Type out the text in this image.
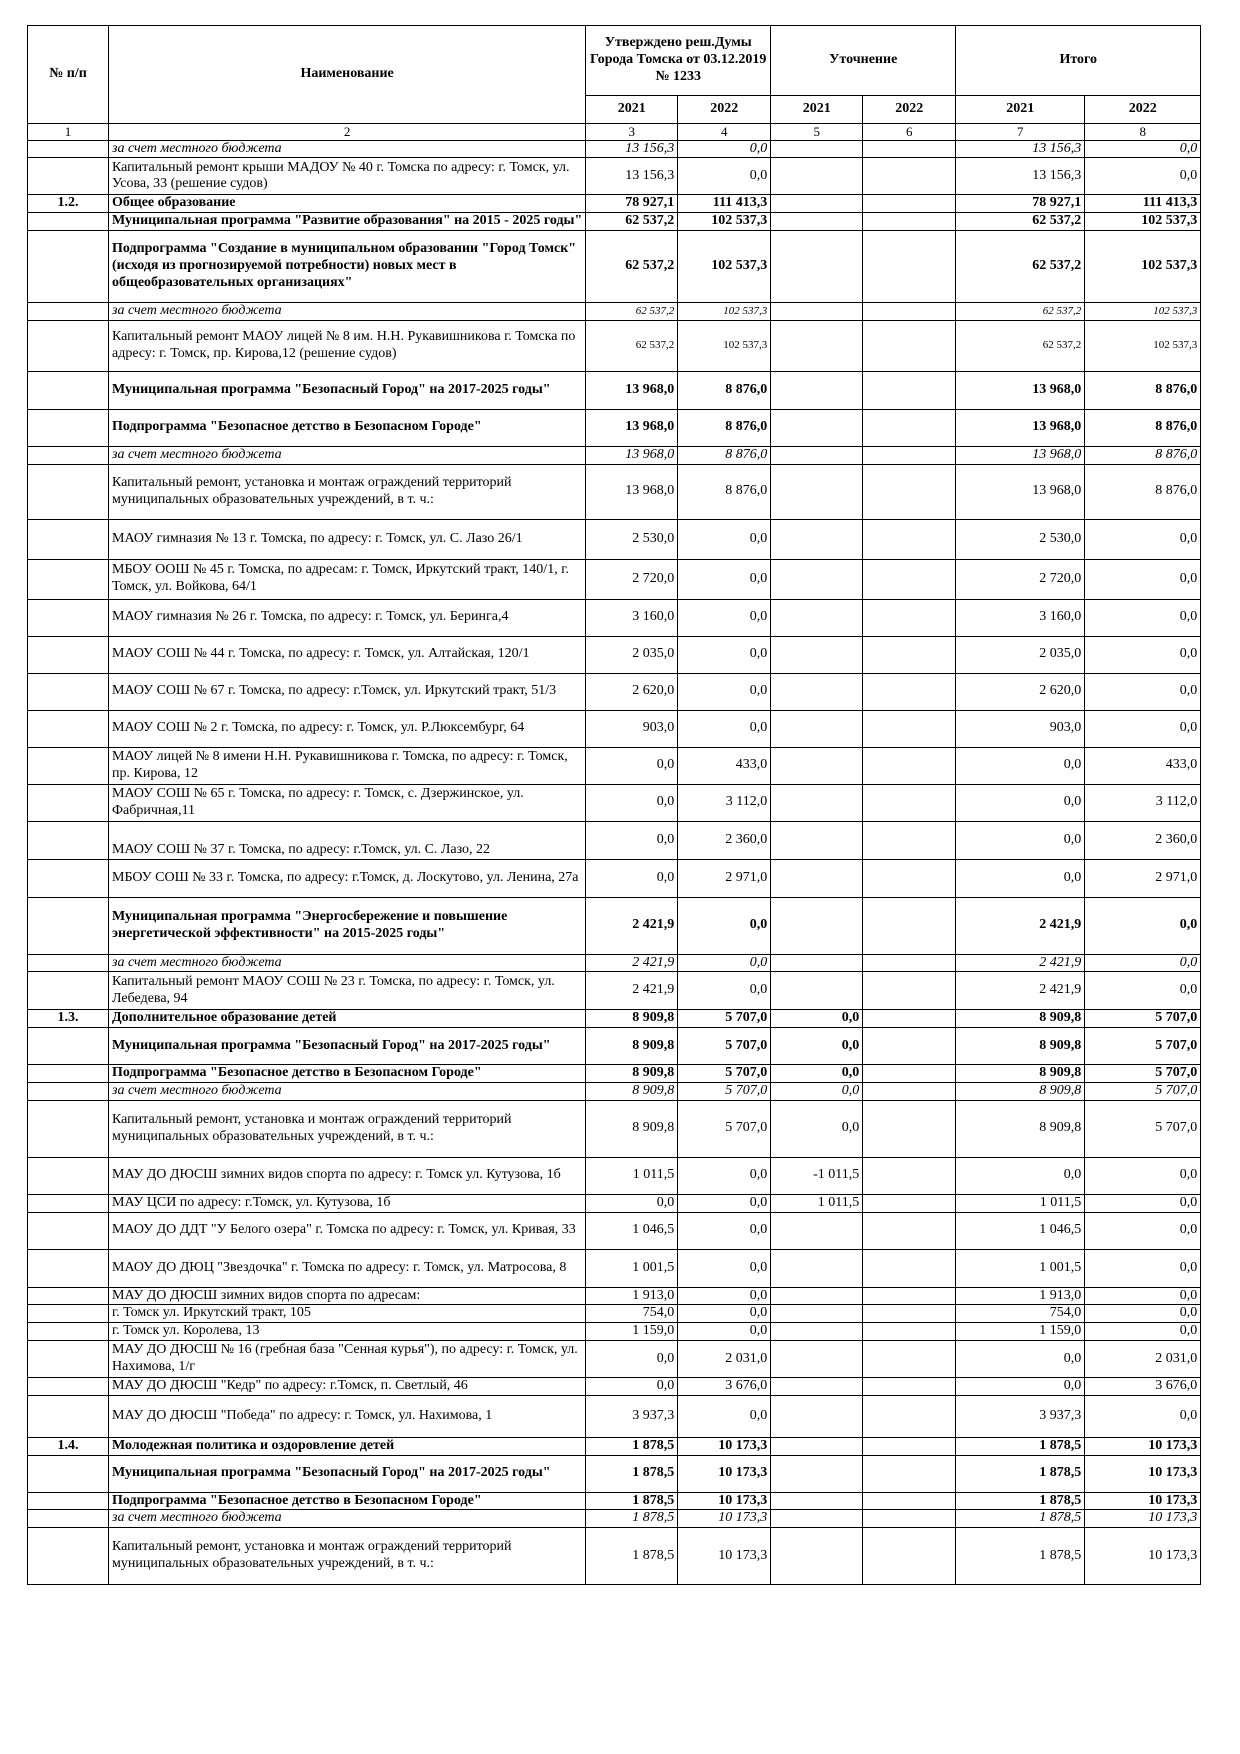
№ п/п	Наименование	Утверждено реш.Думы Города Томска от 03.12.2019 № 1233		Уточнение		Итого	
		2021	2022	2021	2022	2021	2022
1	2	3	4	5	6	7	8
	за счет местного бюджета	13 156,3	0,0			13 156,3	0,0
	Капитальный ремонт крыши МАДОУ № 40 г. Томска по адресу: г. Томск, ул. Усова, 33 (решение судов)	13 156,3	0,0			13 156,3	0,0
1.2.	Общее образование	78 927,1	111 413,3			78 927,1	111 413,3
	Муниципальная программа "Развитие образования" на 2015 - 2025 годы"	62 537,2	102 537,3			62 537,2	102 537,3
	Подпрограмма "Создание в муниципальном образовании "Город Томск" (исходя из прогнозируемой потребности) новых мест в общеобразовательных организациях"	62 537,2	102 537,3			62 537,2	102 537,3
	за счет местного бюджета	62 537,2	102 537,3			62 537,2	102 537,3
	Капитальный ремонт МАОУ лицей № 8 им. Н.Н. Рукавишникова г. Томска по адресу: г. Томск, пр. Кирова,12 (решение судов)	62 537,2	102 537,3			62 537,2	102 537,3
	Муниципальная программа "Безопасный Город" на 2017-2025 годы"	13 968,0	8 876,0			13 968,0	8 876,0
	Подпрограмма "Безопасное детство в Безопасном Городе"	13 968,0	8 876,0			13 968,0	8 876,0
	за счет местного бюджета	13 968,0	8 876,0			13 968,0	8 876,0
	Капитальный ремонт, установка и монтаж ограждений территорий муниципальных образовательных учреждений, в т. ч.:	13 968,0	8 876,0			13 968,0	8 876,0
	МАОУ гимназия № 13 г. Томска, по адресу: г. Томск, ул. С. Лазо 26/1	2 530,0	0,0			2 530,0	0,0
	МБОУ ООШ № 45 г. Томска, по адресам: г. Томск, Иркутский тракт, 140/1, г. Томск, ул. Войкова, 64/1	2 720,0	0,0			2 720,0	0,0
	МАОУ гимназия № 26 г. Томска, по адресу: г. Томск, ул. Беринга,4	3 160,0	0,0			3 160,0	0,0
	МАОУ СОШ № 44 г. Томска, по адресу: г. Томск, ул. Алтайская, 120/1	2 035,0	0,0			2 035,0	0,0
	МАОУ СОШ № 67 г. Томска, по адресу: г.Томск, ул. Иркутский тракт, 51/3	2 620,0	0,0			2 620,0	0,0
	МАОУ СОШ № 2 г. Томска, по адресу: г. Томск, ул. Р.Люксембург, 64	903,0	0,0			903,0	0,0
	МАОУ лицей № 8 имени Н.Н. Рукавишникова г. Томска, по адресу: г. Томск, пр. Кирова, 12	0,0	433,0			0,0	433,0
	МАОУ СОШ № 65 г. Томска, по адресу: г. Томск, с. Дзержинское, ул. Фабричная,11	0,0	3 112,0			0,0	3 112,0
	МАОУ СОШ № 37 г. Томска, по адресу: г.Томск, ул. С. Лазо, 22	0,0	2 360,0			0,0	2 360,0
	МБОУ СОШ № 33 г. Томска, по адресу: г.Томск, д. Лоскутово, ул. Ленина, 27а	0,0	2 971,0			0,0	2 971,0
	Муниципальная программа "Энергосбережение и повышение энергетической эффективности" на 2015-2025 годы"	2 421,9	0,0			2 421,9	0,0
	за счет местного бюджета	2 421,9	0,0			2 421,9	0,0
	Капитальный ремонт МАОУ СОШ № 23 г. Томска, по адресу: г. Томск, ул. Лебедева, 94	2 421,9	0,0			2 421,9	0,0
1.3.	Дополнительное образование детей	8 909,8	5 707,0	0,0		8 909,8	5 707,0
	Муниципальная программа "Безопасный Город" на 2017-2025 годы"	8 909,8	5 707,0	0,0		8 909,8	5 707,0
	Подпрограмма "Безопасное детство в Безопасном Городе"	8 909,8	5 707,0	0,0		8 909,8	5 707,0
	за счет местного бюджета	8 909,8	5 707,0	0,0		8 909,8	5 707,0
	Капитальный ремонт, установка и монтаж ограждений территорий муниципальных образовательных учреждений, в т. ч.:	8 909,8	5 707,0	0,0		8 909,8	5 707,0
	МАУ ДО ДЮСШ зимних видов спорта по адресу: г. Томск ул. Кутузова, 1б	1 011,5	0,0	-1 011,5		0,0	0,0
	МАУ ЦСИ по адресу: г.Томск, ул. Кутузова, 1б	0,0	0,0	1 011,5		1 011,5	0,0
	МАОУ ДО ДДТ "У Белого озера" г. Томска по адресу: г. Томск, ул. Кривая, 33	1 046,5	0,0			1 046,5	0,0
	МАОУ ДО ДЮЦ "Звездочка" г. Томска по адресу: г. Томск, ул. Матросова, 8	1 001,5	0,0			1 001,5	0,0
	МАУ ДО ДЮСШ зимних видов спорта по адресам:	1 913,0	0,0			1 913,0	0,0
	г. Томск ул. Иркутский тракт, 105	754,0	0,0			754,0	0,0
	г. Томск ул. Королева, 13	1 159,0	0,0			1 159,0	0,0
	МАУ ДО ДЮСШ № 16 (гребная база "Сенная курья"), по адресу: г. Томск, ул. Нахимова, 1/г	0,0	2 031,0			0,0	2 031,0
	МАУ ДО ДЮСШ "Кедр" по адресу: г.Томск, п. Светлый, 46	0,0	3 676,0			0,0	3 676,0
	МАУ ДО ДЮСШ "Победа" по адресу: г. Томск, ул. Нахимова, 1	3 937,3	0,0			3 937,3	0,0
1.4.	Молодежная политика и оздоровление детей	1 878,5	10 173,3			1 878,5	10 173,3
	Муниципальная программа "Безопасный Город" на 2017-2025 годы"	1 878,5	10 173,3			1 878,5	10 173,3
	Подпрограмма "Безопасное детство в Безопасном Городе"	1 878,5	10 173,3			1 878,5	10 173,3
	за счет местного бюджета	1 878,5	10 173,3			1 878,5	10 173,3
	Капитальный ремонт, установка и монтаж ограждений территорий муниципальных образовательных учреждений, в т. ч.:	1 878,5	10 173,3			1 878,5	10 173,3
